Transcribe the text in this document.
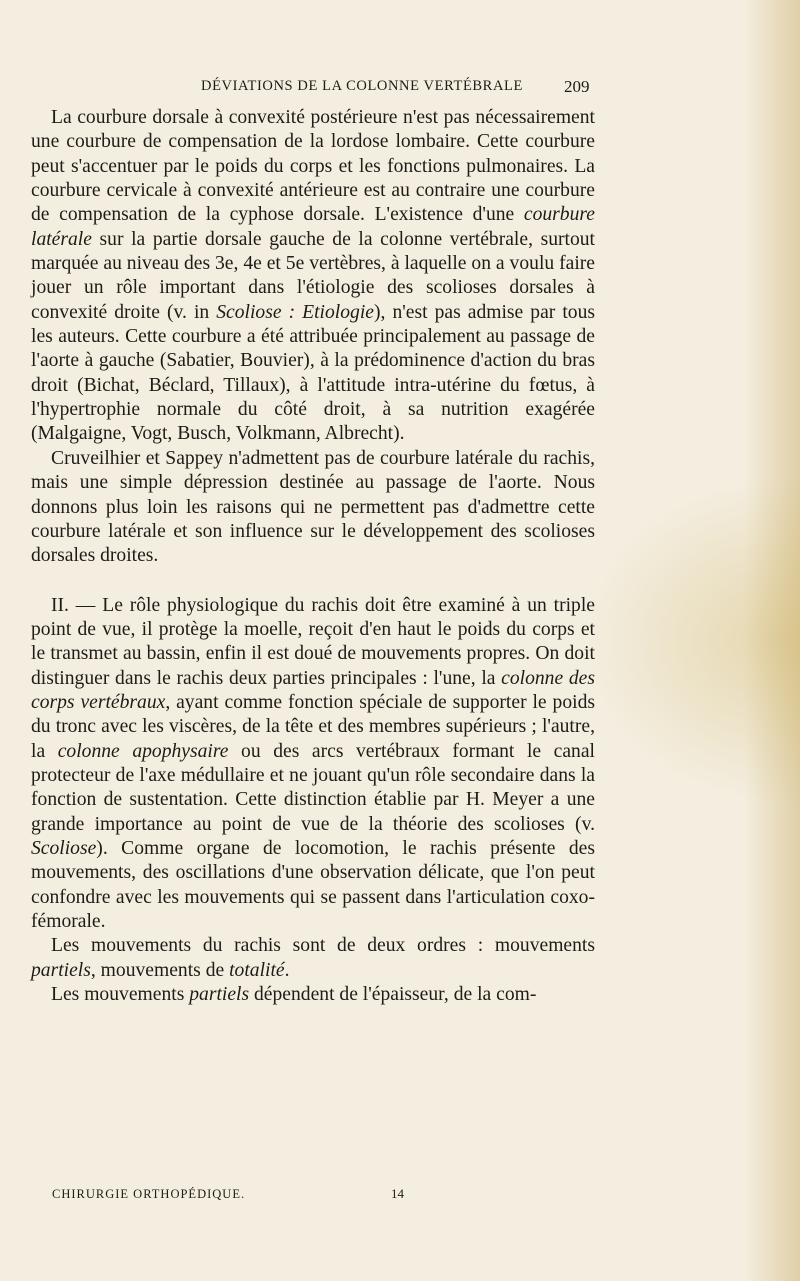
DÉVIATIONS DE LA COLONNE VERTÉBRALE 209

La courbure dorsale à convexité postérieure n'est pas nécessairement une courbure de compensation de la lordose lombaire. Cette courbure peut s'accentuer par le poids du corps et les fonctions pulmonaires. La courbure cervicale à convexité antérieure est au contraire une courbure de compensation de la cyphose dorsale. L'existence d'une courbure latérale sur la partie dorsale gauche de la colonne vertébrale, surtout marquée au niveau des 3e, 4e et 5e vertèbres, à laquelle on a voulu faire jouer un rôle important dans l'étiologie des scolioses dorsales à convexité droite (v. in Scoliose : Etiologie), n'est pas admise par tous les auteurs. Cette courbure a été attribuée principalement au passage de l'aorte à gauche (Sabatier, Bouvier), à la prédominence d'action du bras droit (Bichat, Béclard, Tillaux), à l'attitude intra-utérine du fœtus, à l'hypertrophie normale du côté droit, à sa nutrition exagérée (Malgaigne, Vogt, Busch, Volkmann, Albrecht).

Cruveilhier et Sappey n'admettent pas de courbure latérale du rachis, mais une simple dépression destinée au passage de l'aorte. Nous donnons plus loin les raisons qui ne permettent pas d'admettre cette courbure latérale et son influence sur le développement des scolioses dorsales droites.

II. — Le rôle physiologique du rachis doit être examiné à un triple point de vue, il protège la moelle, reçoit d'en haut le poids du corps et le transmet au bassin, enfin il est doué de mouvements propres. On doit distinguer dans le rachis deux parties principales : l'une, la colonne des corps vertébraux, ayant comme fonction spéciale de supporter le poids du tronc avec les viscères, de la tête et des membres supérieurs ; l'autre, la colonne apophysaire ou des arcs vertébraux formant le canal protecteur de l'axe médullaire et ne jouant qu'un rôle secondaire dans la fonction de sustentation. Cette distinction établie par H. Meyer a une grande importance au point de vue de la théorie des scolioses (v. Scoliose). Comme organe de locomotion, le rachis présente des mouvements, des oscillations d'une observation délicate, que l'on peut confondre avec les mouvements qui se passent dans l'articulation coxo-fémorale.

Les mouvements du rachis sont de deux ordres : mouvements partiels, mouvements de totalité.

Les mouvements partiels dépendent de l'épaisseur, de la com-

CHIRURGIE ORTHOPÉDIQUE.	14
